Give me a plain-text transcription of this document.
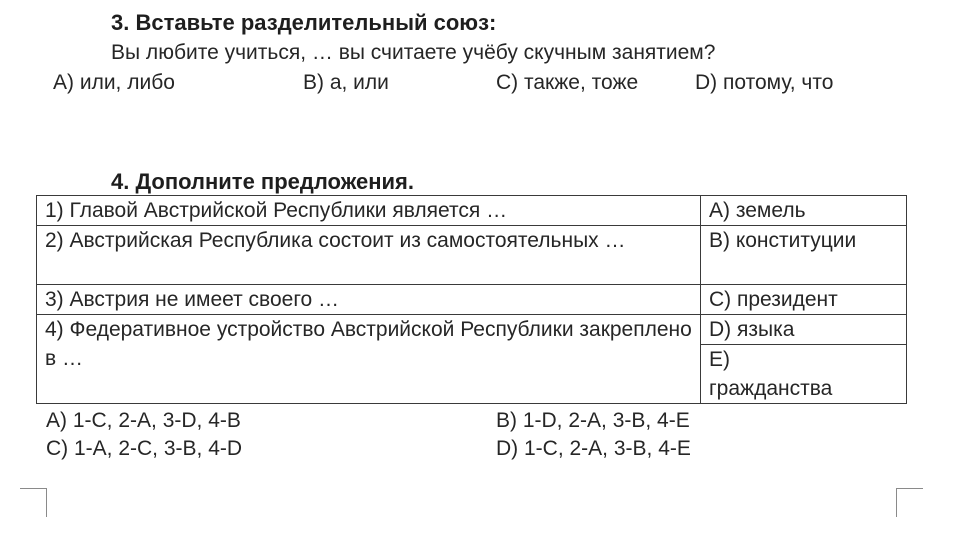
3. Вставьте разделительный союз:
Вы любите учиться, … вы считаете учёбу скучным занятием?
A) или, либо	B) а, или	C) также, тоже	D) потому, что
4. Дополните предложения.
1) Главой Австрийской Республики является …	A) земель
2) Австрийская Республика состоит из самостоятельных …	B) конституции
3) Австрия не имеет своего …	C) президент
4) Федеративное устройство Австрийской Республики закреплено в …	D) языка

	E) гражданства
A) 1-C, 2-A, 3-D, 4-B	B) 1-D, 2-A, 3-B, 4-E
C) 1-A, 2-C, 3-B, 4-D	D) 1-C, 2-A, 3-B, 4-E
